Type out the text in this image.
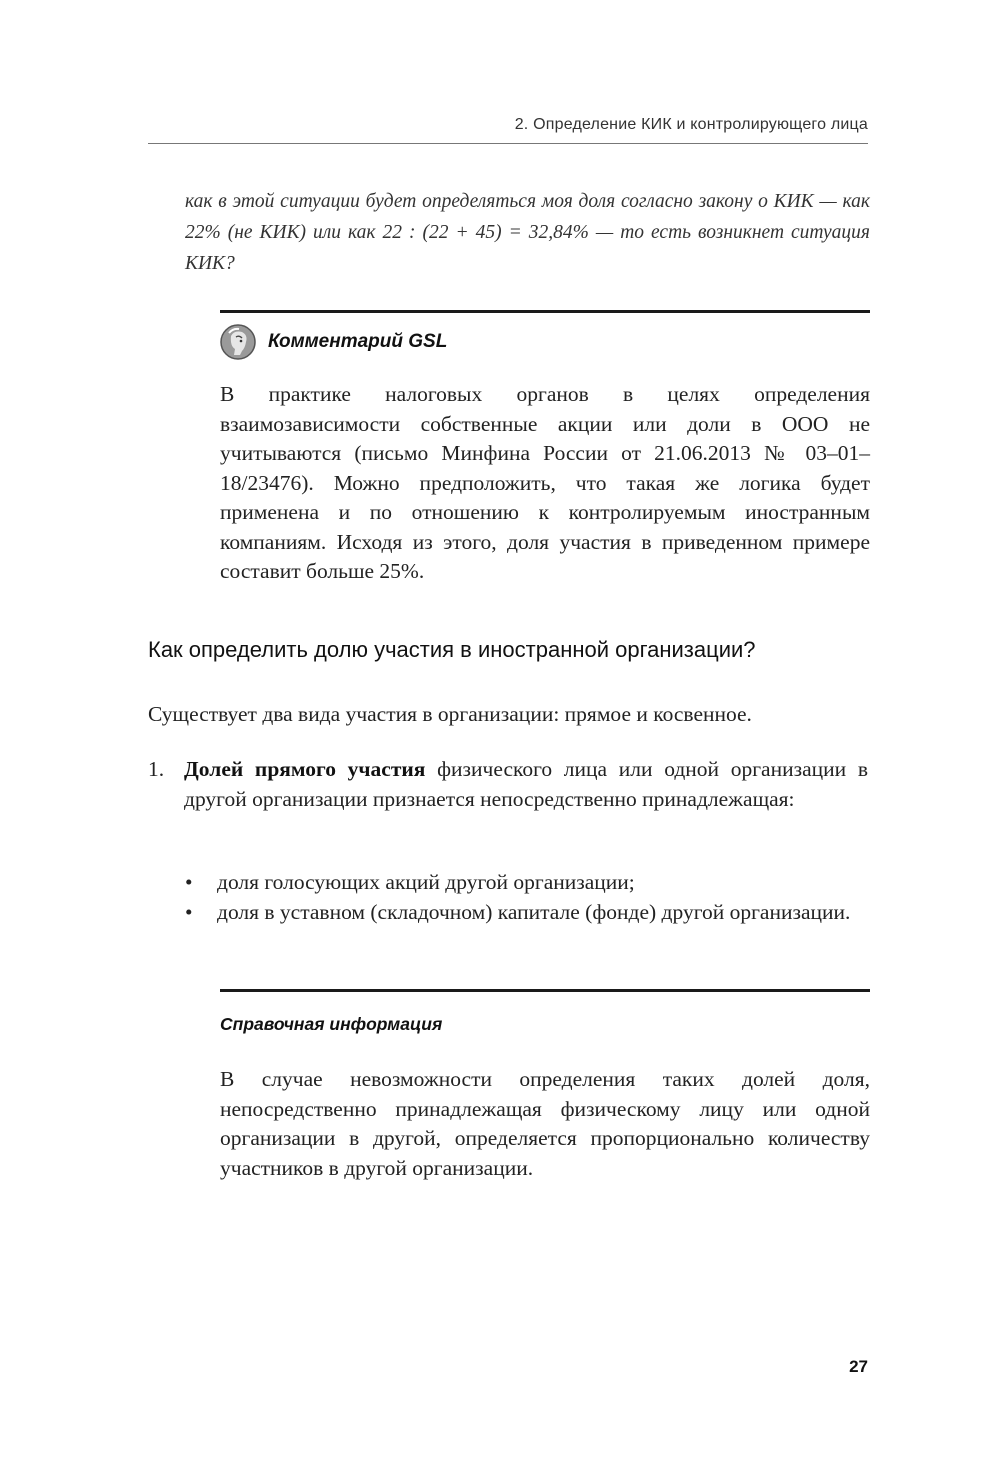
2. Определение КИК и контролирующего лица
как в этой ситуации будет определяться моя доля согласно закону о КИК — как 22% (не КИК) или как 22 : (22 + 45) = 32,84% — то есть возникнет ситуация КИК?
Комментарий GSL
В практике налоговых органов в целях определения взаимозависимости собственные акции или доли в ООО не учитываются (письмо Минфина России от 21.06.2013 № 03–01–18/23476). Можно предположить, что такая же логика будет применена и по отношению к контролируемым иностранным компаниям. Исходя из этого, доля участия в приведенном примере составит больше 25%.
Как определить долю участия в иностранной организации?
Существует два вида участия в организации: прямое и косвенное.
1. Долей прямого участия физического лица или одной организации в другой организации признается непосредственно принадлежащая:
•	доля голосующих акций другой организации;
•	доля в уставном (складочном) капитале (фонде) другой организации.
Справочная информация
В случае невозможности определения таких долей доля, непосредственно принадлежащая физическому лицу или одной организации в другой, определяется пропорционально количеству участников в другой организации.
27
